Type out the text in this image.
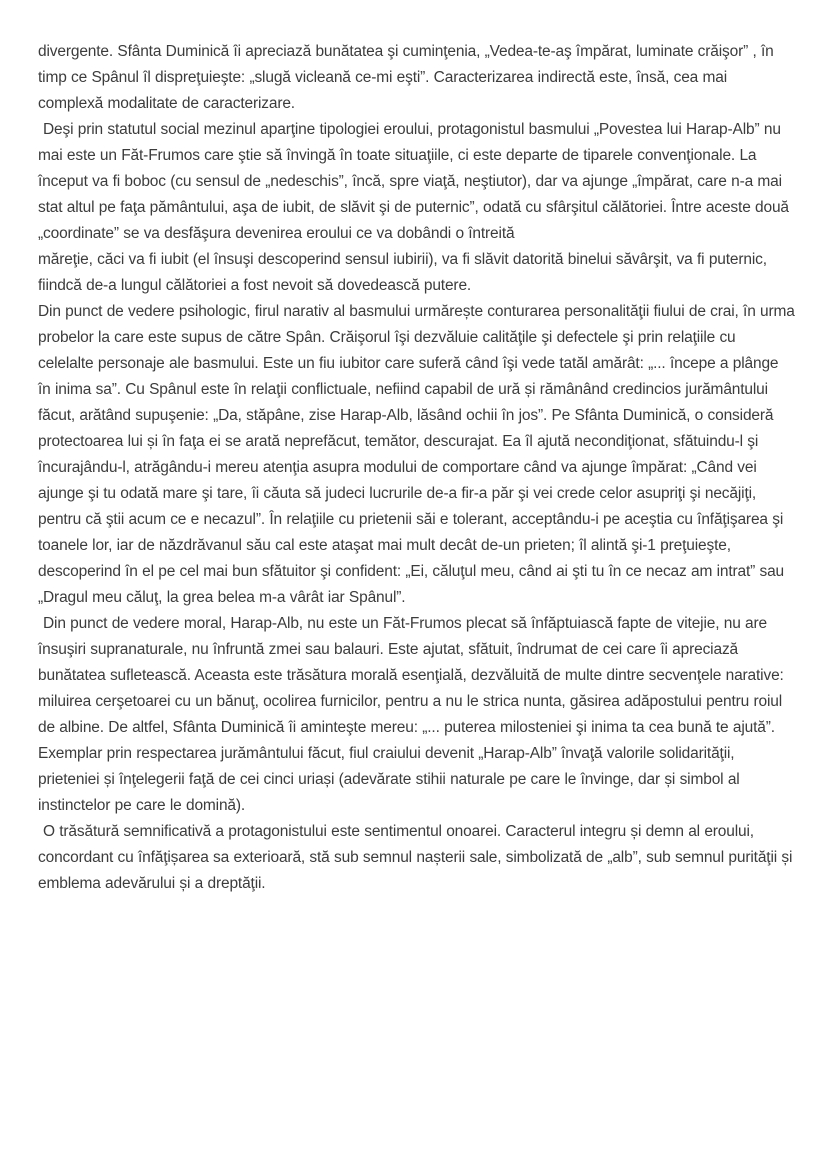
divergente. Sfânta Duminică îi apreciază bunătatea şi cuminţenia, „Vedea-te-aş împărat, luminate crăişor” , în timp ce Spânul îl dispreţuieşte: „slugă vicleană ce-mi eşti”. Caracterizarea indirectă este, însă, cea mai complexă modalitate de caracterizare.

Deşi prin statutul social mezinul aparţine tipologiei eroului, protagonistul basmului „Povestea lui Harap-Alb” nu mai este un Făt-Frumos care ştie să învingă în toate situaţiile, ci este departe de tiparele convenţionale. La început va fi boboc (cu sensul de „nedeschis”, încă, spre viaţă, neştiutor), dar va ajunge „împărat, care n-a mai stat altul pe faţa pământului, aşa de iubit, de slăvit şi de puternic”, odată cu sfârşitul călătoriei. Între aceste două „coordinate” se va desfăşura devenirea eroului ce va dobândi o întreită

măreţie, căci va fi iubit (el însuşi descoperind sensul iubirii), va fi slăvit datorită binelui săvârşit, va fi puternic, fiindcă de-a lungul călătoriei a fost nevoit să dovedească putere.

Din punct de vedere psihologic, firul narativ al basmului urmărește conturarea personalităţii fiului de crai, în urma probelor la care este supus de către Spân. Crăişorul îşi dezvăluie calităţile şi defectele şi prin relaţiile cu celelalte personaje ale basmului. Este un fiu iubitor care suferă când îşi vede tatăl amărât: „... începe a plânge în inima sa”. Cu Spânul este în relaţii conflictuale, nefiind capabil de ură și rămânând credincios jurământului făcut, arătând supuşenie: „Da, stăpâne, zise Harap-Alb, lăsând ochii în jos”. Pe Sfânta Duminică, o consideră protectoarea lui și în faţa ei se arată neprefăcut, temător, descurajat. Ea îl ajută necondiţionat, sfătuindu-l şi încurajându-l, atrăgându-i mereu atenţia asupra modului de comportare când va ajunge împărat: „Când vei ajunge şi tu odată mare şi tare, îi căuta să judeci lucrurile de-a fir-a păr şi vei crede celor asupriţi şi necăjiţi, pentru că ştii acum ce e necazul”. În relaţiile cu prietenii săi e tolerant, acceptându-i pe aceştia cu înfăţişarea şi toanele lor, iar de năzdrăvanul său cal este ataşat mai mult decât de-un prieten; îl alintă şi-1 preţuieşte, descoperind în el pe cel mai bun sfătuitor şi confident: „Ei, căluţul meu, când ai şti tu în ce necaz am intrat” sau „Dragul meu căluţ, la grea belea m-a vârât iar Spânul”.

Din punct de vedere moral, Harap-Alb, nu este un Făt-Frumos plecat să înfăptuiască fapte de vitejie, nu are însuşiri supranaturale, nu înfruntă zmei sau balauri. Este ajutat, sfătuit, îndrumat de cei care îi apreciază bunătatea sufletească. Aceasta este trăsătura morală esenţială, dezvăluită de multe dintre secvenţele narative: miluirea cerşetoarei cu un bănuţ, ocolirea furnicilor, pentru a nu le strica nunta, găsirea adăpostului pentru roiul de albine. De altfel, Sfânta Duminică îi aminteşte mereu: „... puterea milosteniei şi inima ta cea bună te ajută”. Exemplar prin respectarea jurământului făcut, fiul craiului devenit „Harap-Alb” învaţă valorile solidarităţii, prieteniei și înţelegerii faţă de cei cinci uriași (adevărate stihii naturale pe care le învinge, dar și simbol al instinctelor pe care le domină).

O trăsătură semnificativă a protagonistului este sentimentul onoarei. Caracterul integru și demn al eroului, concordant cu înfăţișarea sa exterioară, stă sub semnul nașterii sale, simbolizată de „alb”, sub semnul purităţii și emblema adevărului și a dreptăţii.
